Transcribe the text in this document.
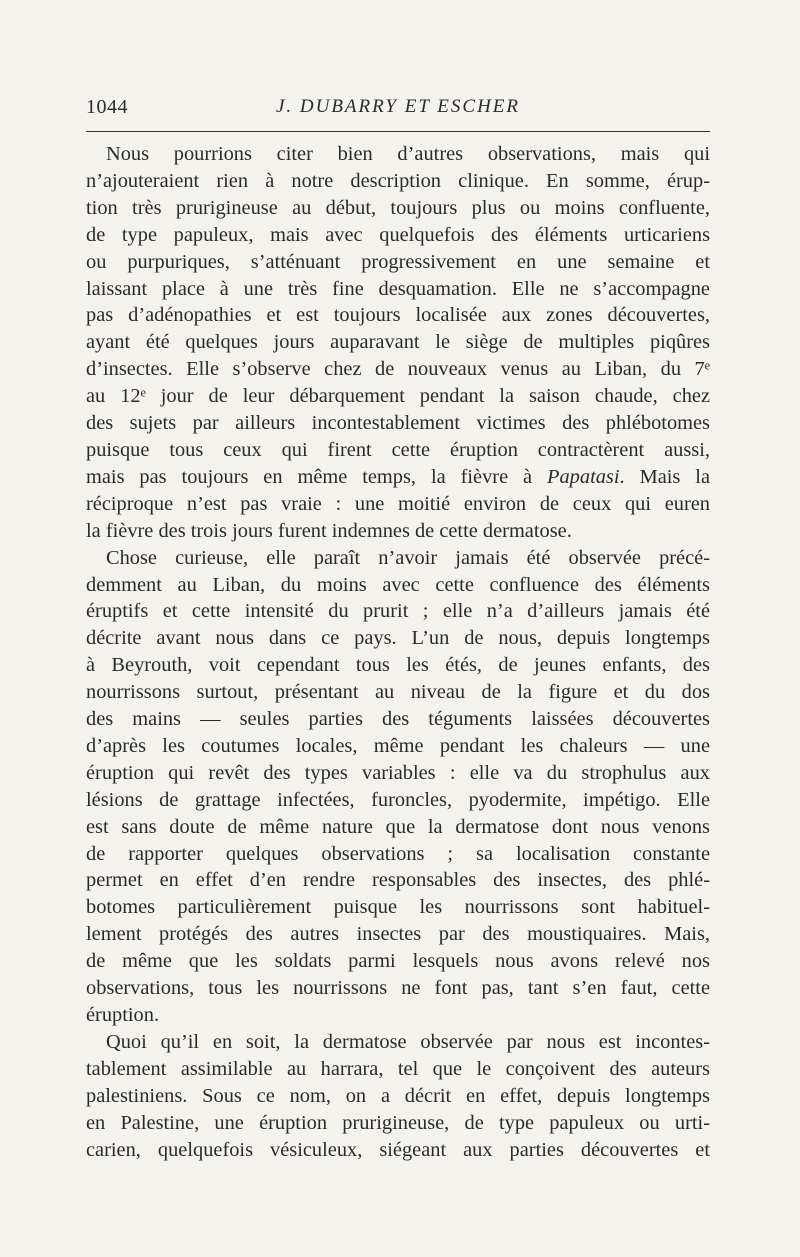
1044	J. DUBARRY ET ESCHER
Nous pourrions citer bien d’autres observations, mais qui
n’ajouteraient rien à notre description clinique. En somme, érup-
tion très prurigineuse au début, toujours plus ou moins confluente,
de type papuleux, mais avec quelquefois des éléments urticariens
ou purpuriques, s’atténuant progressivement en une semaine et
laissant place à une très fine desquamation. Elle ne s’accompagne
pas d’adénopathies et est toujours localisée aux zones découvertes,
ayant été quelques jours auparavant le siège de multiples piqûres
d’insectes. Elle s’observe chez de nouveaux venus au Liban, du 7ᵉ
au 12ᵉ jour de leur débarquement pendant la saison chaude, chez
des sujets par ailleurs incontestablement victimes des phlébotomes
puisque tous ceux qui firent cette éruption contractèrent aussi,
mais pas toujours en même temps, la fièvre à Papatasi. Mais la
réciproque n’est pas vraie : une moitié environ de ceux qui euren
la fièvre des trois jours furent indemnes de cette dermatose.
Chose curieuse, elle paraît n’avoir jamais été observée précé-
demment au Liban, du moins avec cette confluence des éléments
éruptifs et cette intensité du prurit ; elle n’a d’ailleurs jamais été
décrite avant nous dans ce pays. L’un de nous, depuis longtemps
à Beyrouth, voit cependant tous les étés, de jeunes enfants, des
nourrissons surtout, présentant au niveau de la figure et du dos
des mains — seules parties des téguments laissées découvertes
d’après les coutumes locales, même pendant les chaleurs — une
éruption qui revêt des types variables : elle va du strophulus aux
lésions de grattage infectées, furoncles, pyodermite, impétigo. Elle
est sans doute de même nature que la dermatose dont nous venons
de rapporter quelques observations ; sa localisation constante
permet en effet d’en rendre responsables des insectes, des phlé-
botomes particulièrement puisque les nourrissons sont habituel-
lement protégés des autres insectes par des moustiquaires. Mais,
de même que les soldats parmi lesquels nous avons relevé nos
observations, tous les nourrissons ne font pas, tant s’en faut, cette
éruption.
Quoi qu’il en soit, la dermatose observée par nous est incontes-
tablement assimilable au harrara, tel que le conçoivent des auteurs
palestiniens. Sous ce nom, on a décrit en effet, depuis longtemps
en Palestine, une éruption prurigineuse, de type papuleux ou urti-
carien, quelquefois vésiculeux, siégeant aux parties découvertes et
